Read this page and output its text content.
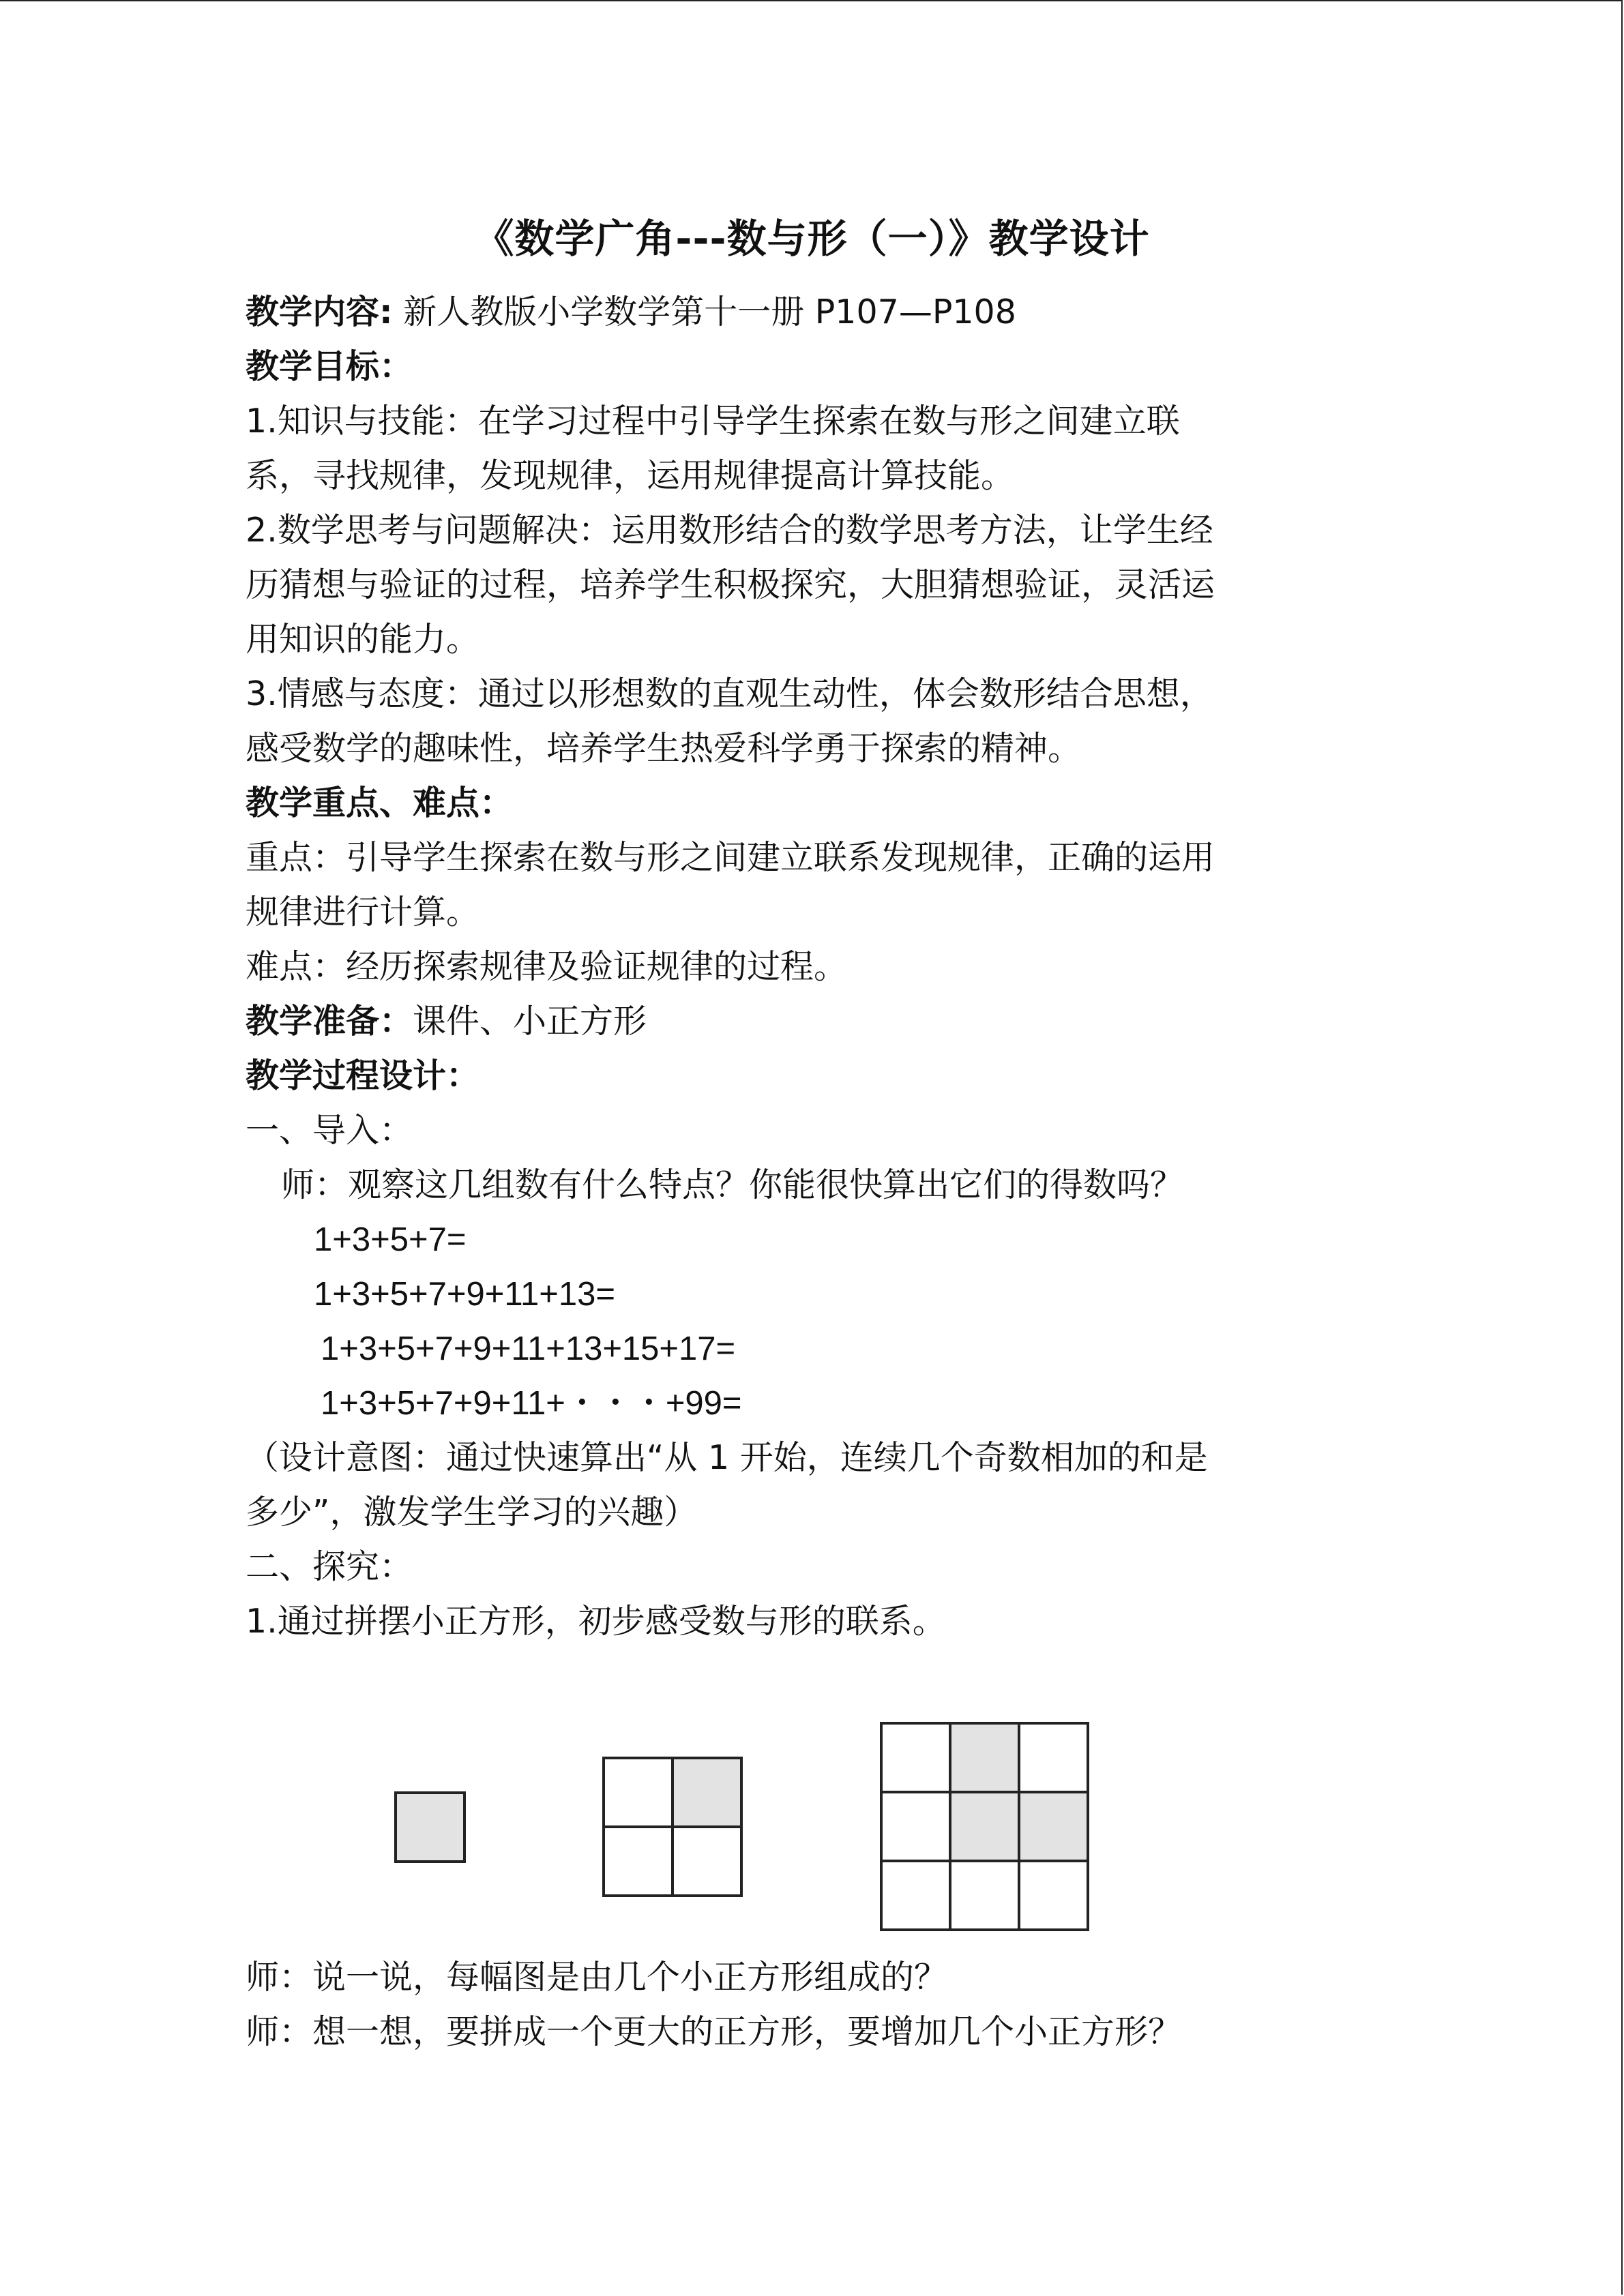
《数学广角---数与形（一）》教学设计
教学内容: 新人教版小学数学第十一册 P107—P108
教学目标：
1.知识与技能：在学习过程中引导学生探索在数与形之间建立联
系，寻找规律，发现规律，运用规律提高计算技能。
2.数学思考与问题解决：运用数形结合的数学思考方法，让学生经
历猜想与验证的过程，培养学生积极探究，大胆猜想验证，灵活运
用知识的能力。
3.情感与态度：通过以形想数的直观生动性，体会数形结合思想，
感受数学的趣味性，培养学生热爱科学勇于探索的精神。
教学重点、难点：
重点：引导学生探索在数与形之间建立联系发现规律，正确的运用
规律进行计算。
难点：经历探索规律及验证规律的过程。
教学准备：课件、小正方形
教学过程设计：
一、导入：
师：观察这几组数有什么特点？你能很快算出它们的得数吗？
1+3+5+7=
1+3+5+7+9+11+13=
1+3+5+7+9+11+13+15+17=
1+3+5+7+9+11+・・・+99=
（设计意图：通过快速算出“从 1 开始，连续几个奇数相加的和是
多少”，激发学生学习的兴趣）
二、探究：
1.通过拼摆小正方形，初步感受数与形的联系。
师：说一说，每幅图是由几个小正方形组成的？
师：想一想，要拼成一个更大的正方形，要增加几个小正方形？
